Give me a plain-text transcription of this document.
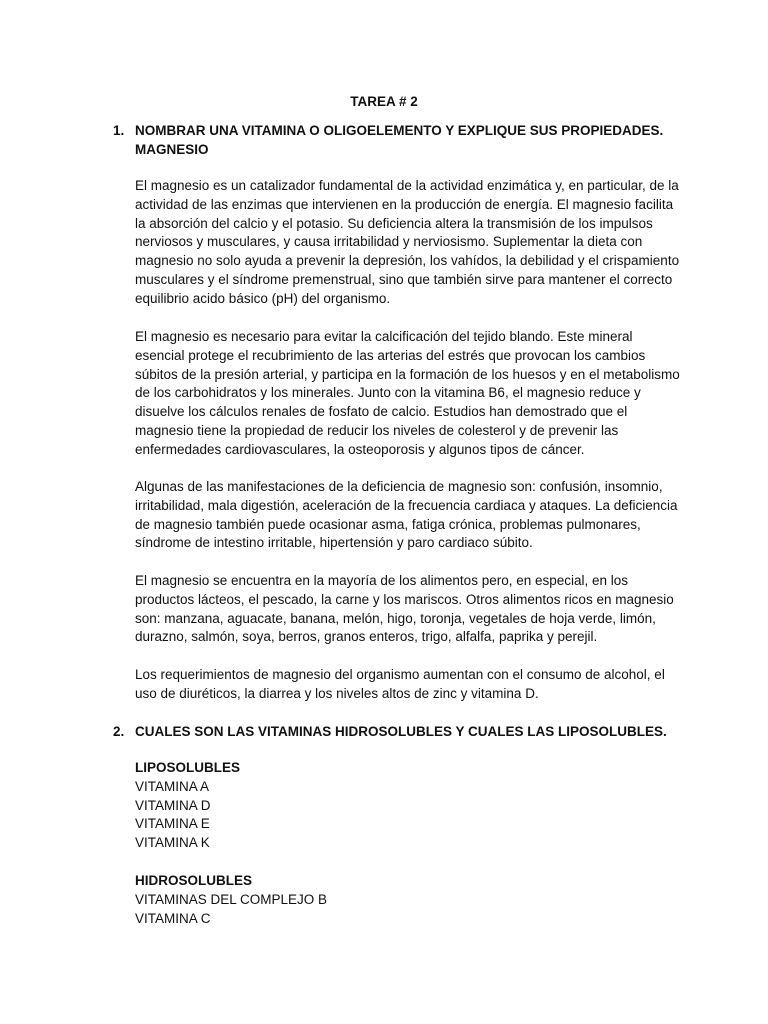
TAREA # 2
1. NOMBRAR UNA VITAMINA O OLIGOELEMENTO Y EXPLIQUE SUS PROPIEDADES.
MAGNESIO

El magnesio es un catalizador fundamental de la actividad enzimática y, en particular, de la actividad de las enzimas que intervienen en la producción de energía. El magnesio facilita la absorción del calcio y el potasio. Su deficiencia altera la transmisión de los impulsos nerviosos y musculares, y causa irritabilidad y nerviosismo. Suplementar la dieta con magnesio no solo ayuda a prevenir la depresión, los vahídos, la debilidad y el crispamiento musculares y el síndrome premenstrual, sino que también sirve para mantener el correcto equilibrio acido básico (pH) del organismo.

El magnesio es necesario para evitar la calcificación del tejido blando. Este mineral esencial protege el recubrimiento de las arterias del estrés que provocan los cambios súbitos de la presión arterial, y participa en la formación de los huesos y en el metabolismo de los carbohidratos y los minerales. Junto con la vitamina B6, el magnesio reduce y disuelve los cálculos renales de fosfato de calcio. Estudios han demostrado que el magnesio tiene la propiedad de reducir los niveles de colesterol y de prevenir las enfermedades cardiovasculares, la osteoporosis y algunos tipos de cáncer.

Algunas de las manifestaciones de la deficiencia de magnesio son: confusión, insomnio, irritabilidad, mala digestión, aceleración de la frecuencia cardiaca y ataques. La deficiencia de magnesio también puede ocasionar asma, fatiga crónica, problemas pulmonares, síndrome de intestino irritable, hipertensión y paro cardiaco súbito.

El magnesio se encuentra en la mayoría de los alimentos pero, en especial, en los productos lácteos, el pescado, la carne y los mariscos. Otros alimentos ricos en magnesio son: manzana, aguacate, banana, melón, higo, toronja, vegetales de hoja verde, limón, durazno, salmón, soya, berros, granos enteros, trigo, alfalfa, paprika y perejil.

Los requerimientos de magnesio del organismo aumentan con el consumo de alcohol, el uso de diuréticos, la diarrea y los niveles altos de zinc y vitamina D.

2. CUALES SON LAS VITAMINAS HIDROSOLUBLES Y CUALES LAS LIPOSOLUBLES.
LIPOSOLUBLES
VITAMINA A
VITAMINA D
VITAMINA E
VITAMINA K
HIDROSOLUBLES
VITAMINAS DEL COMPLEJO B
VITAMINA C
